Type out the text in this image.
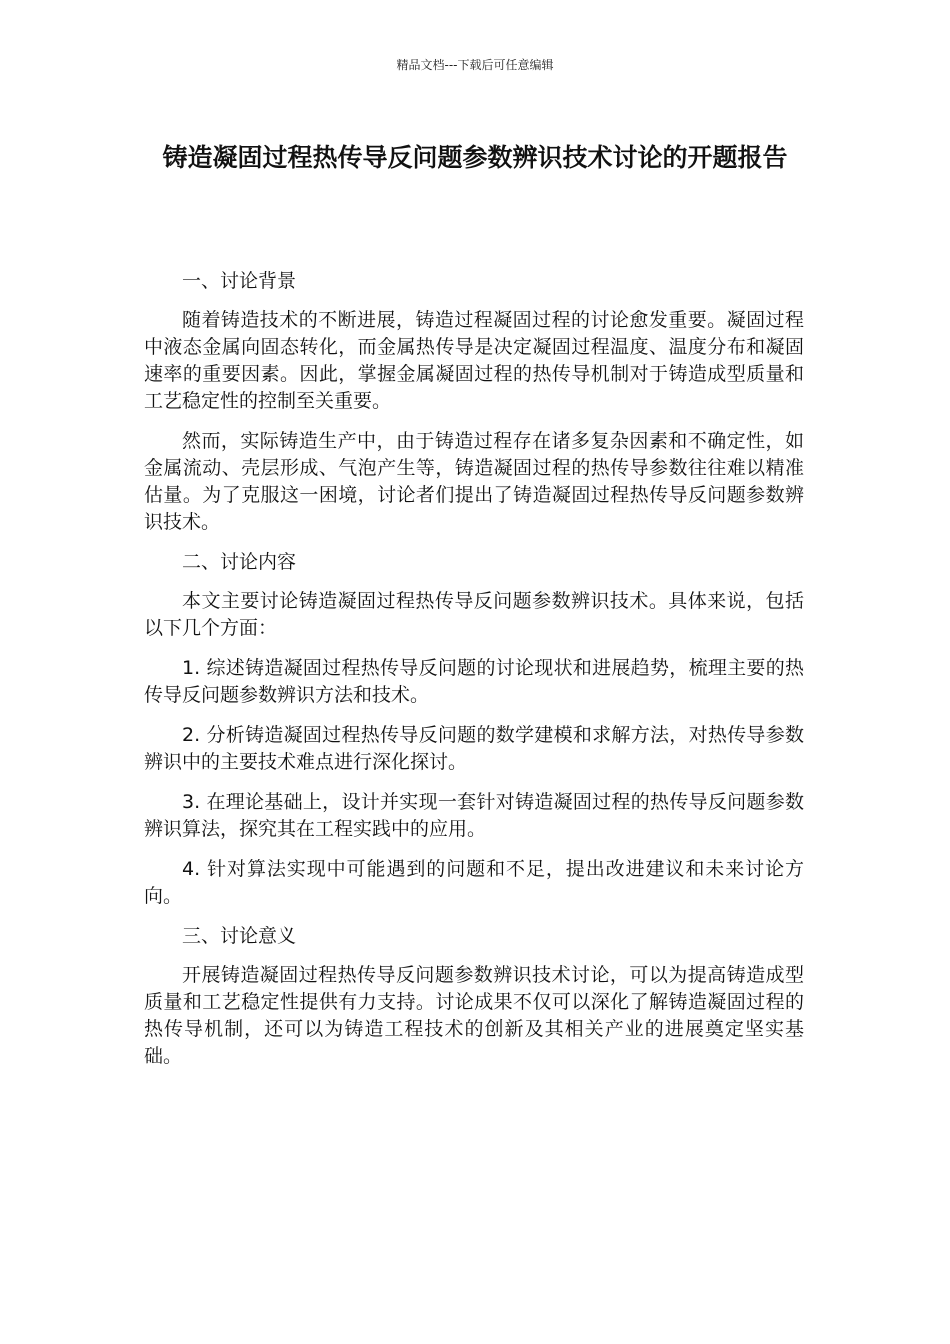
精品文档---下载后可任意编辑
铸造凝固过程热传导反问题参数辨识技术讨论的开题报告

一、讨论背景

随着铸造技术的不断进展，铸造过程凝固过程的讨论愈发重要。凝固过程中液态金属向固态转化，而金属热传导是决定凝固过程温度、温度分布和凝固速率的重要因素。因此，掌握金属凝固过程的热传导机制对于铸造成型质量和工艺稳定性的控制至关重要。

然而，实际铸造生产中，由于铸造过程存在诸多复杂因素和不确定性，如金属流动、壳层形成、气泡产生等，铸造凝固过程的热传导参数往往难以精准估量。为了克服这一困境，讨论者们提出了铸造凝固过程热传导反问题参数辨识技术。

二、讨论内容

本文主要讨论铸造凝固过程热传导反问题参数辨识技术。具体来说，包括以下几个方面：

1. 综述铸造凝固过程热传导反问题的讨论现状和进展趋势，梳理主要的热传导反问题参数辨识方法和技术。

2. 分析铸造凝固过程热传导反问题的数学建模和求解方法，对热传导参数辨识中的主要技术难点进行深化探讨。

3. 在理论基础上，设计并实现一套针对铸造凝固过程的热传导反问题参数辨识算法，探究其在工程实践中的应用。

4. 针对算法实现中可能遇到的问题和不足，提出改进建议和未来讨论方向。

三、讨论意义

开展铸造凝固过程热传导反问题参数辨识技术讨论，可以为提高铸造成型质量和工艺稳定性提供有力支持。讨论成果不仅可以深化了解铸造凝固过程的热传导机制，还可以为铸造工程技术的创新及其相关产业的进展奠定坚实基础。
